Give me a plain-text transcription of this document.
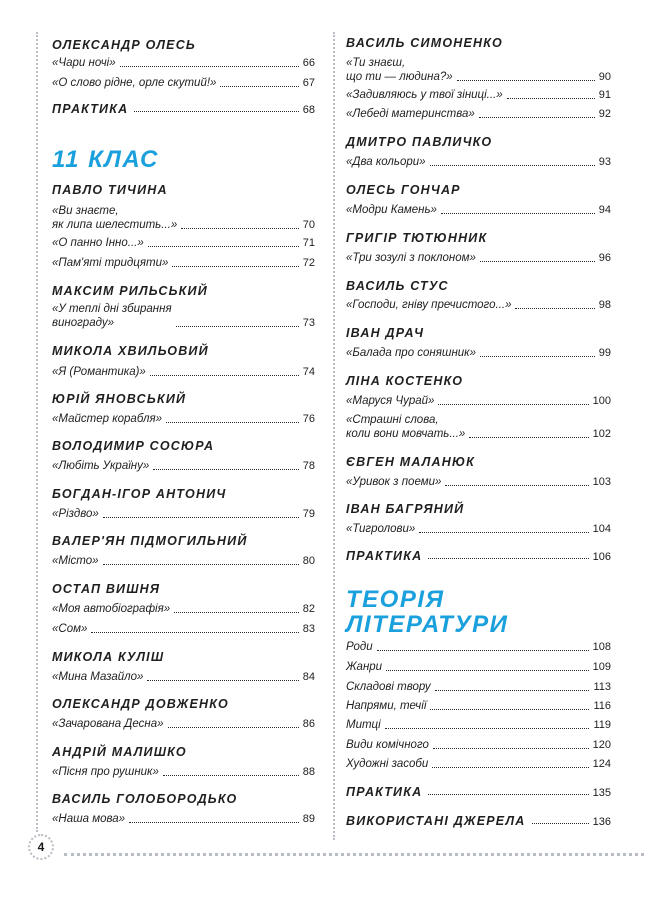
ОЛЕКСАНДР ОЛЕСЬ
«Чари ночі»	66
«О слово рідне, орле скутий!»	67
ПРАКТИКА	68
11 КЛАС
ПАВЛО ТИЧИНА
«Ви знаєте,
як липа шелестить...»	70
«О панно Інно...»	71
«Пам'яті тридцяти»	72
МАКСИМ РИЛЬСЬКИЙ
«У теплі дні збирання
винограду»	73
МИКОЛА ХВИЛЬОВИЙ
«Я (Романтика)»	74
ЮРІЙ ЯНОВСЬКИЙ
«Майстер корабля»	76
ВОЛОДИМИР СОСЮРА
«Любіть Україну»	78
БОГДАН-ІГОР АНТОНИЧ
«Різдво»	79
ВАЛЕР'ЯН ПІДМОГИЛЬНИЙ
«Місто»	80
ОСТАП ВИШНЯ
«Моя автобіографія»	82
«Сом»	83
МИКОЛА КУЛІШ
«Мина Мазайло»	84
ОЛЕКСАНДР ДОВЖЕНКО
«Зачарована Десна»	86
АНДРІЙ МАЛИШКО
«Пісня про рушник»	88
ВАСИЛЬ ГОЛОБОРОДЬКО
«Наша мова»	89
ВАСИЛЬ СИМОНЕНКО
«Ти знаєш,
що ти — людина?»	90
«Задивляюсь у твої зіниці...»	91
«Лебеді материнства»	92
ДМИТРО ПАВЛИЧКО
«Два кольори»	93
ОЛЕСЬ ГОНЧАР
«Модри Камень»	94
ГРИГІР ТЮТЮННИК
«Три зозулі з поклоном»	96
ВАСИЛЬ СТУС
«Господи, гніву пречистого...»	98
ІВАН ДРАЧ
«Балада про соняшник»	99
ЛІНА КОСТЕНКО
«Маруся Чурай»	100
«Страшні слова,
коли вони мовчать...»	102
ЄВГЕН МАЛАНЮК
«Уривок з поеми»	103
ІВАН БАГРЯНИЙ
«Тигролови»	104
ПРАКТИКА	106
ТЕОРІЯ
ЛІТЕРАТУРИ
Роди	108
Жанри	109
Складові твору	113
Напрями, течії	116
Митці	119
Види комічного	120
Художні засоби	124
ПРАКТИКА	135
ВИКОРИСТАНІ ДЖЕРЕЛА	136
4
